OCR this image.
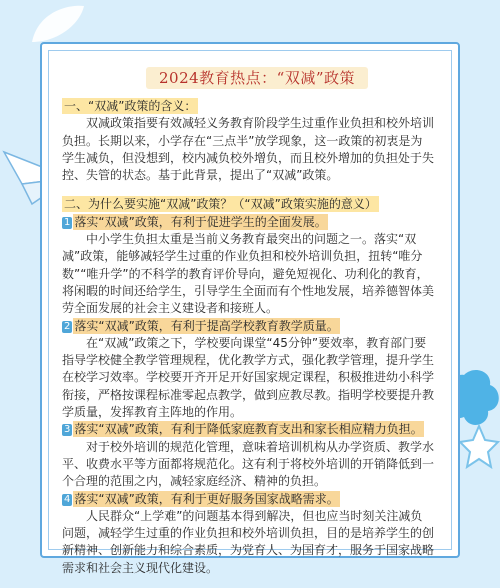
2024教育热点：“双减”政策

一、“双减”政策的含义：

双减政策指要有效减轻义务教育阶段学生过重作业负担和校外培训负担。长期以来，小学存在“三点半”放学现象，这一政策的初衷是为学生减负，但没想到，校内减负校外增负，而且校外增加的负担处于失控、失管的状态。基于此背景，提出了“双减”政策。

二、为什么要实施“双减”政策？（“双减”政策实施的意义）

1 落实“双减”政策，有利于促进学生的全面发展。

中小学生负担太重是当前义务教育最突出的问题之一。落实“双减”政策，能够减轻学生过重的作业负担和校外培训负担，扭转“唯分数”“唯升学”的不科学的教育评价导向，避免短视化、功利化的教育，将闲暇的时间还给学生，引导学生全面而有个性地发展，培养德智体美劳全面发展的社会主义建设者和接班人。

2 落实“双减”政策，有利于提高学校教育教学质量。

在“双减”政策之下，学校要向课堂“45分钟”要效率，教育部门要指导学校健全教学管理规程，优化教学方式，强化教学管理，提升学生在校学习效率。学校要开齐开足开好国家规定课程，积极推进幼小科学衔接，严格按课程标准零起点教学，做到应教尽教。指明学校要提升教学质量，发挥教育主阵地的作用。

3 落实“双减”政策，有利于降低家庭教育支出和家长相应精力负担。

对于校外培训的规范化管理，意味着培训机构从办学资质、教学水平、收费水平等方面都将规范化。这有利于将校外培训的开销降低到一个合理的范围之内，减轻家庭经济、精神的负担。

4 落实“双减”政策，有利于更好服务国家战略需求。

人民群众“上学难”的问题基本得到解决，但也应当时刻关注减负问题，减轻学生过重的作业负担和校外培训负担，目的是培养学生的创新精神、创新能力和综合素质，为党育人、为国育才，服务于国家战略需求和社会主义现代化建设。
